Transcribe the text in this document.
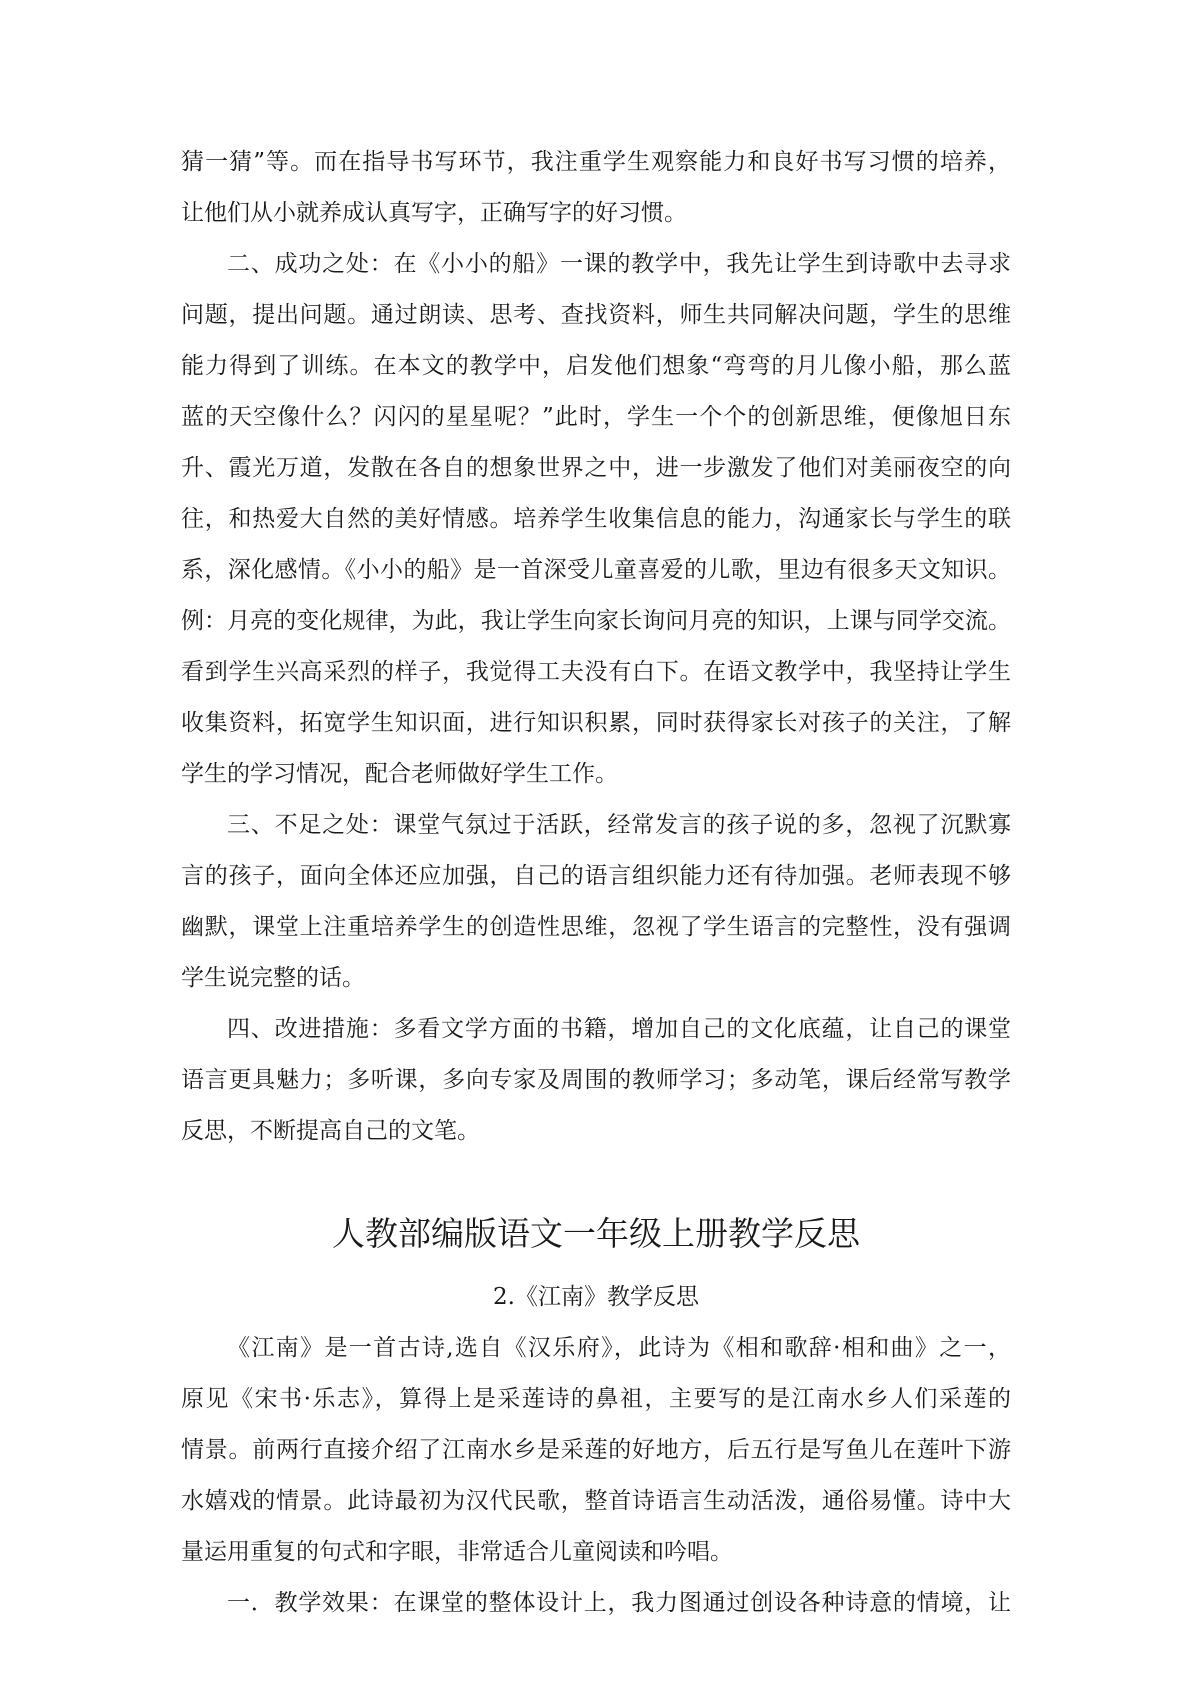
猜一猜”等。而在指导书写环节，我注重学生观察能力和良好书写习惯的培养，
让他们从小就养成认真写字，正确写字的好习惯。
二、成功之处：在《小小的船》一课的教学中，我先让学生到诗歌中去寻求
问题，提出问题。通过朗读、思考、查找资料，师生共同解决问题，学生的思维
能力得到了训练。在本文的教学中，启发他们想象“弯弯的月儿像小船，那么蓝
蓝的天空像什么？闪闪的星星呢？”此时，学生一个个的创新思维，便像旭日东
升、霞光万道，发散在各自的想象世界之中，进一步激发了他们对美丽夜空的向
往，和热爱大自然的美好情感。培养学生收集信息的能力，沟通家长与学生的联
系，深化感情。《小小的船》是一首深受儿童喜爱的儿歌，里边有很多天文知识。
例：月亮的变化规律，为此，我让学生向家长询问月亮的知识，上课与同学交流。
看到学生兴高采烈的样子，我觉得工夫没有白下。在语文教学中，我坚持让学生
收集资料，拓宽学生知识面，进行知识积累，同时获得家长对孩子的关注，了解
学生的学习情况，配合老师做好学生工作。
三、不足之处：课堂气氛过于活跃，经常发言的孩子说的多，忽视了沉默寡
言的孩子，面向全体还应加强，自己的语言组织能力还有待加强。老师表现不够
幽默，课堂上注重培养学生的创造性思维，忽视了学生语言的完整性，没有强调
学生说完整的话。
四、改进措施：多看文学方面的书籍，增加自己的文化底蕴，让自己的课堂
语言更具魅力；多听课，多向专家及周围的教师学习；多动笔，课后经常写教学
反思，不断提高自己的文笔。
人教部编版语文一年级上册教学反思
2.《江南》教学反思
《江南》是一首古诗,选自《汉乐府》，此诗为《相和歌辞·相和曲》之一，
原见《宋书·乐志》，算得上是采莲诗的鼻祖，主要写的是江南水乡人们采莲的
情景。前两行直接介绍了江南水乡是采莲的好地方，后五行是写鱼儿在莲叶下游
水嬉戏的情景。此诗最初为汉代民歌，整首诗语言生动活泼，通俗易懂。诗中大
量运用重复的句式和字眼，非常适合儿童阅读和吟唱。
一．教学效果：在课堂的整体设计上，我力图通过创设各种诗意的情境，让
